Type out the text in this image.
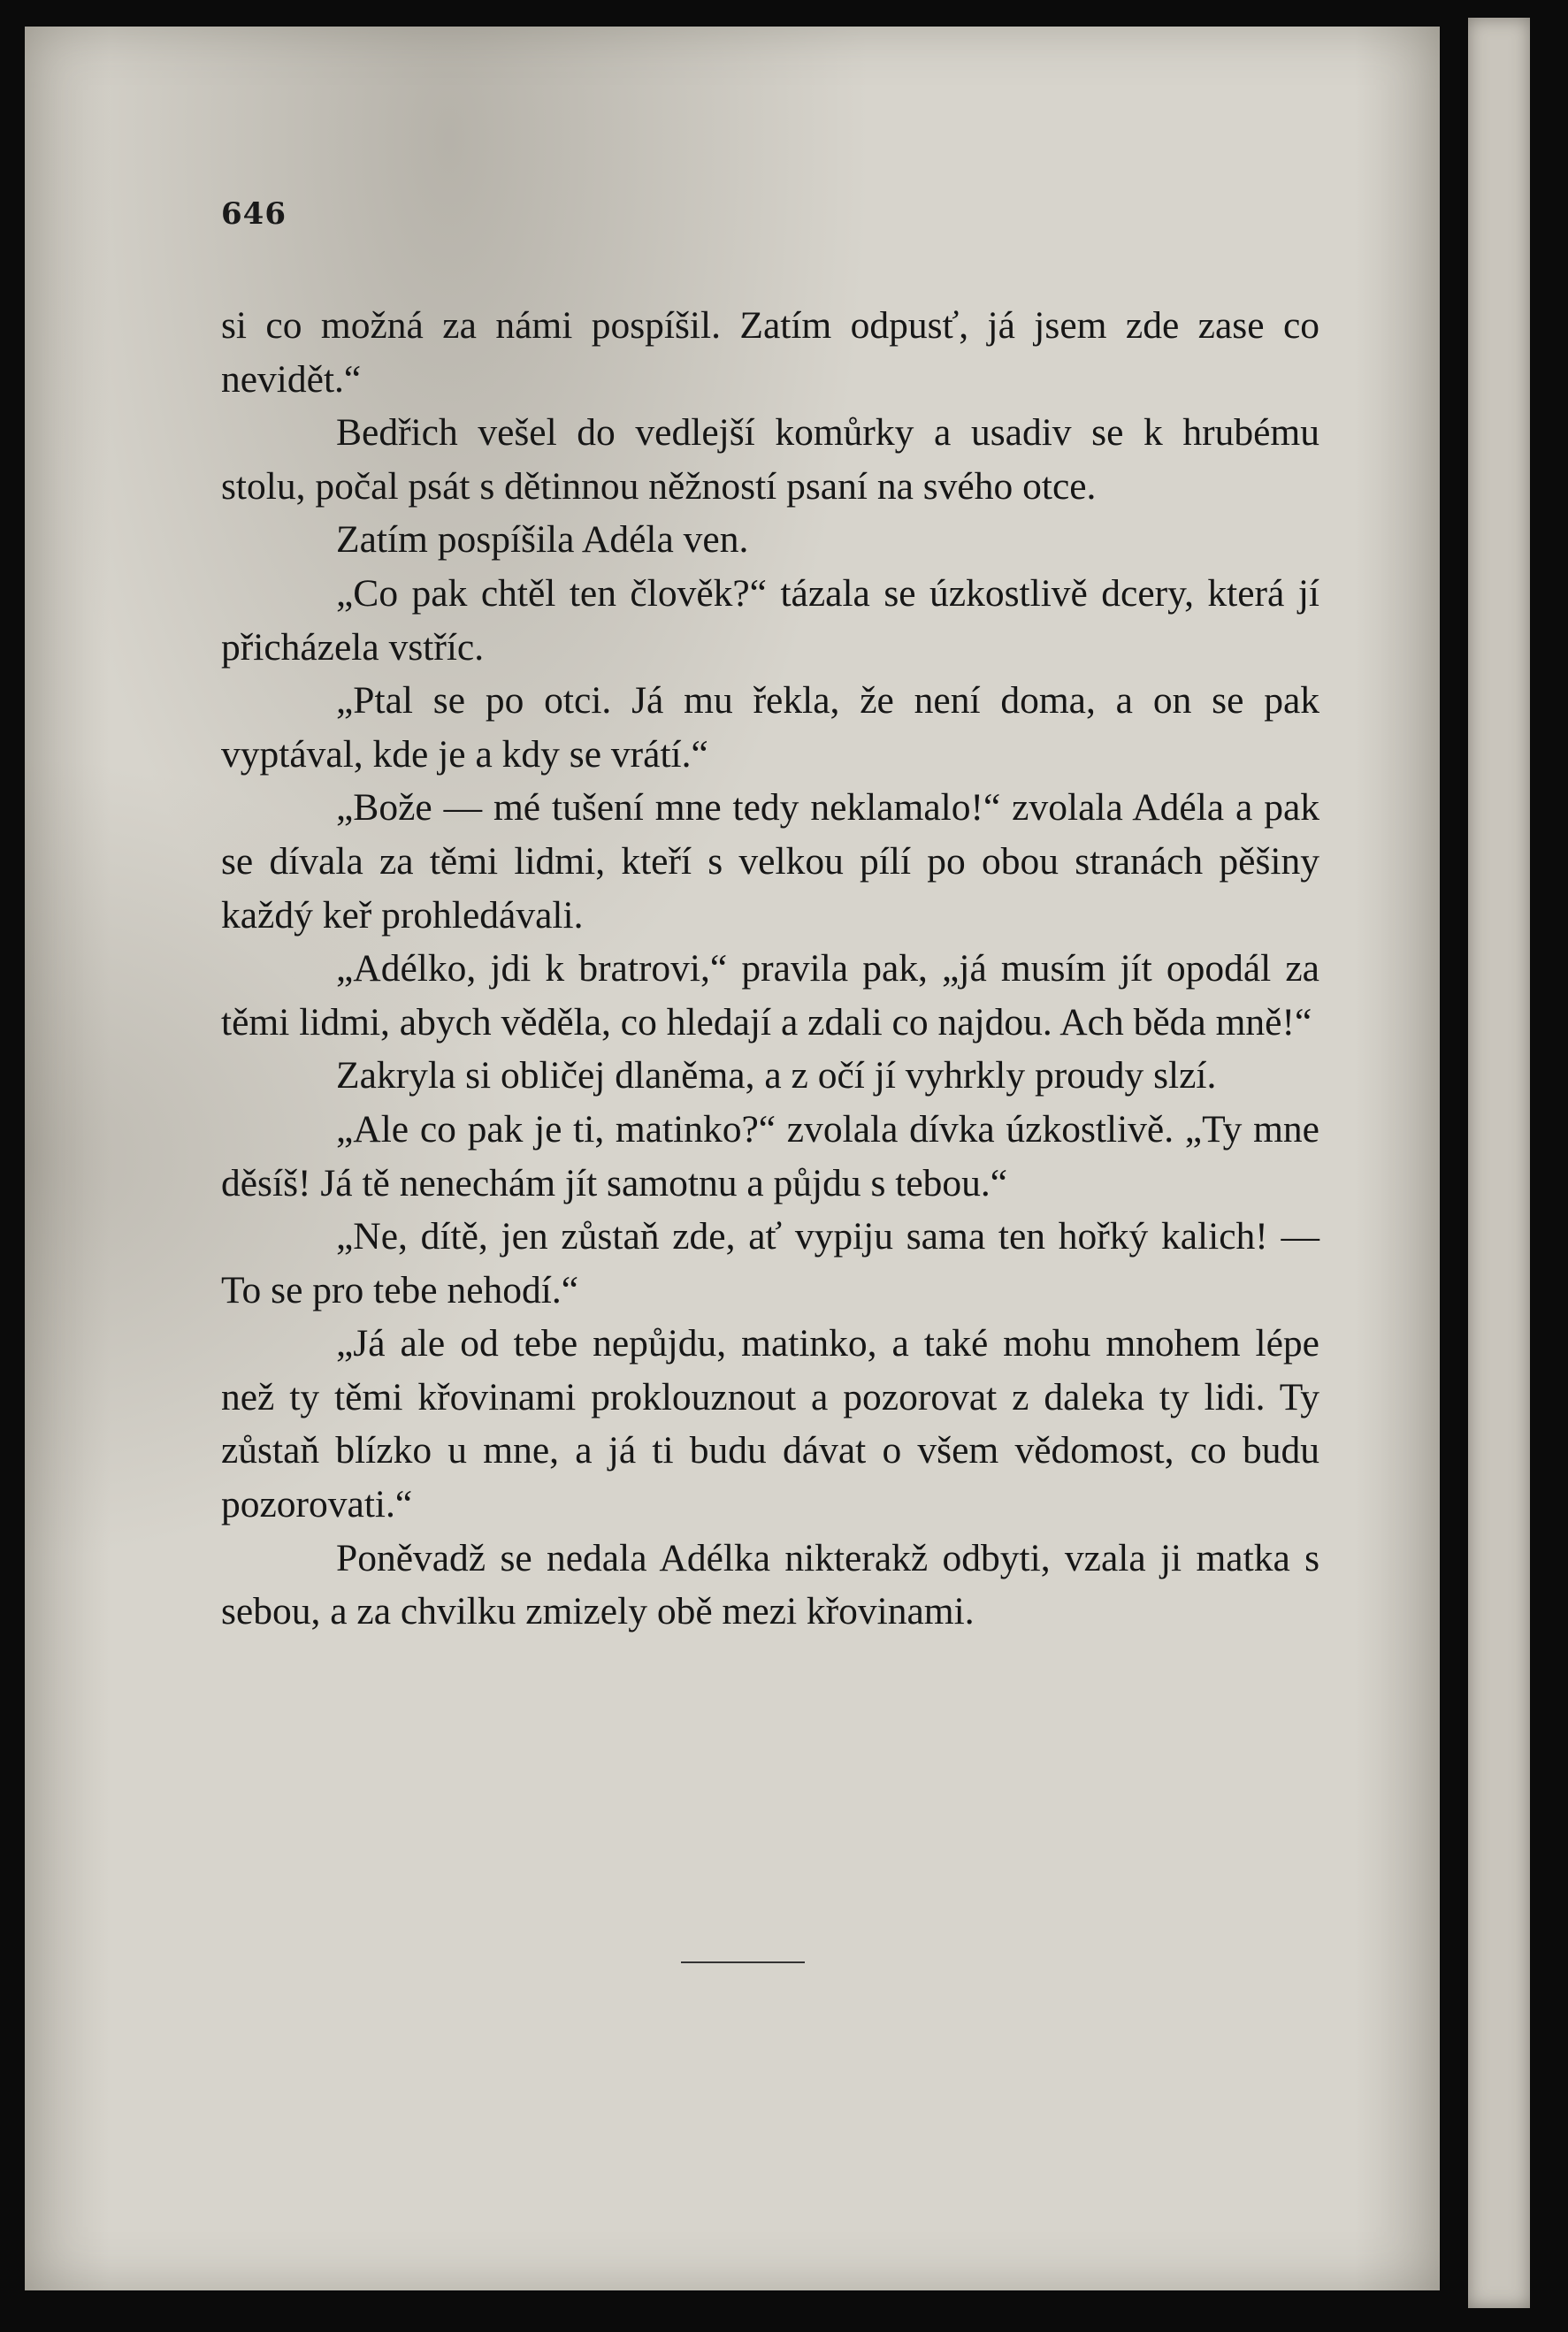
646

si co možná za námi pospíšil. Zatím odpusť, já jsem zde zase co nevidět.“

Bedřich vešel do vedlejší komůrky a usadiv se k hrubému stolu, počal psát s dětinnou něžností psaní na svého otce.

Zatím pospíšila Adéla ven.

„Co pak chtěl ten člověk?“ tázala se úzkostlivě dcery, která jí přicházela vstříc.

„Ptal se po otci. Já mu řekla, že není doma, a on se pak vyptával, kde je a kdy se vrátí.“

„Bože — mé tušení mne tedy neklamalo!“ zvolala Adéla a pak se dívala za těmi lidmi, kteří s velkou pílí po obou stranách pěšiny každý keř prohledávali.

„Adélko, jdi k bratrovi,“ pravila pak, „já musím jít opodál za těmi lidmi, abych věděla, co hledají a zdali co najdou. Ach běda mně!“

Zakryla si obličej dlaněma, a z očí jí vyhrkly proudy slzí.

„Ale co pak je ti, matinko?“ zvolala dívka úzkostlivě. „Ty mne děsíš! Já tě nenechám jít samotnu a půjdu s tebou.“

„Ne, dítě, jen zůstaň zde, ať vypiju sama ten hořký kalich! — To se pro tebe nehodí.“

„Já ale od tebe nepůjdu, matinko, a také mohu mnohem lépe než ty těmi křovinami proklouznout a pozorovat z daleka ty lidi. Ty zůstaň blízko u mne, a já ti budu dávat o všem vědomost, co budu pozorovati.“

Poněvadž se nedala Adélka nikterakž odbyti, vzala ji matka s sebou, a za chvilku zmizely obě mezi křovinami.
